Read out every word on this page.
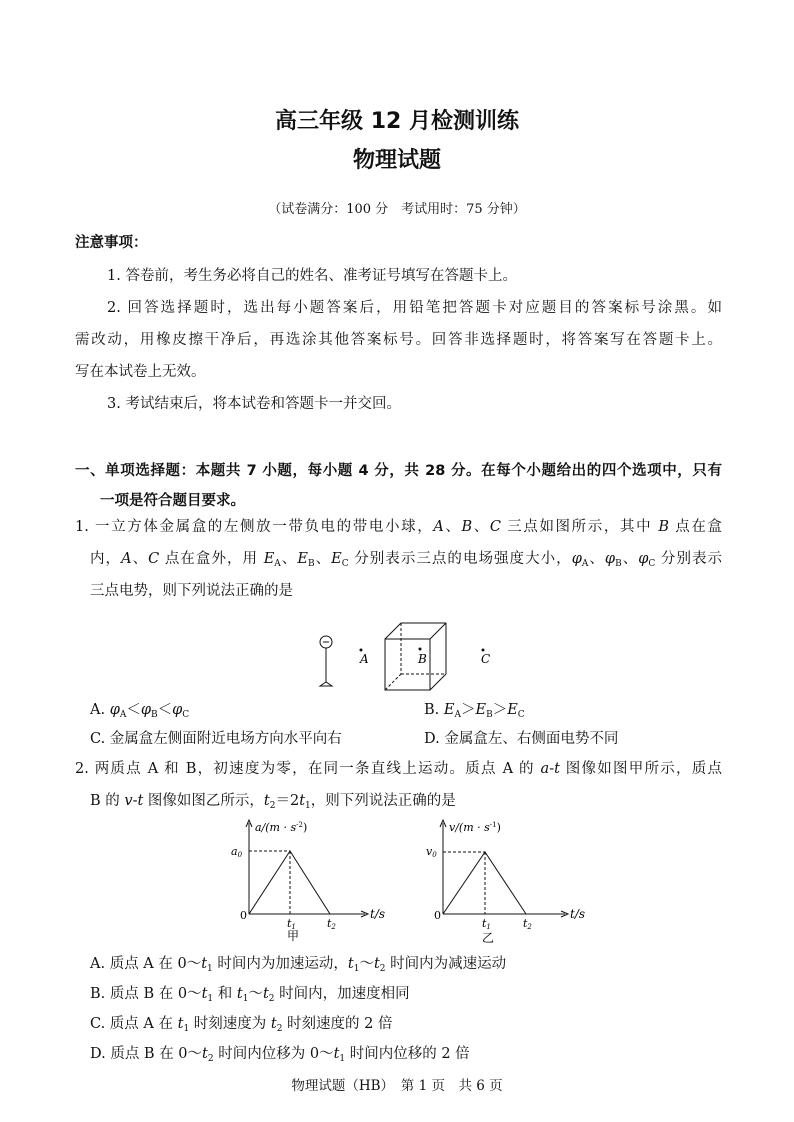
高三年级 12 月检测训练
物理试题
（试卷满分：100 分　考试用时：75 分钟）
注意事项：
1. 答卷前，考生务必将自己的姓名、准考证号填写在答题卡上。
2. 回答选择题时，选出每小题答案后，用铅笔把答题卡对应题目的答案标号涂黑。如
需改动，用橡皮擦干净后，再选涂其他答案标号。回答非选择题时，将答案写在答题卡上。
写在本试卷上无效。
3. 考试结束后，将本试卷和答题卡一并交回。
一、单项选择题：本题共 7 小题，每小题 4 分，共 28 分。在每个小题给出的四个选项中，只有
一项是符合题目要求。
1. 一立方体金属盒的左侧放一带负电的带电小球，A、B、C 三点如图所示，其中 B 点在盒
内，A、C 点在盒外，用 $E_A$、$E_B$、$E_C$ 分别表示三点的电场强度大小，$\varphi_A$、$\varphi_B$、$\varphi_C$ 分别表示
三点电势，则下列说法正确的是
A	B	C
A. $\varphi_A<\varphi_B<\varphi_C$	B. $E_A>E_B>E_C$
C. 金属盒左侧面附近电场方向水平向右	D. 金属盒左、右侧面电势不同
2. 两质点 A 和 B，初速度为零，在同一条直线上运动。质点 A 的 a-t 图像如图甲所示，质点
B 的 v-t 图像如图乙所示，$t_2=2t_1$，则下列说法正确的是
$a/(m \cdot s^{-2})$
a0
0
t1	t2
t/s
甲
$v/(m \cdot s^{-1})$
v0
0
t1	t2
t/s
乙
A. 质点 A 在 $0\sim t_1$ 时间内为加速运动，$t_1\sim t_2$ 时间内为减速运动
B. 质点 B 在 $0\sim t_1$ 和 $t_1\sim t_2$ 时间内，加速度相同
C. 质点 A 在 $t_1$ 时刻速度为 $t_2$ 时刻速度的 2 倍
D. 质点 B 在 $0\sim t_2$ 时间内位移为 $0\sim t_1$ 时间内位移的 2 倍
物理试题（HB）　第 1 页　共 6 页
